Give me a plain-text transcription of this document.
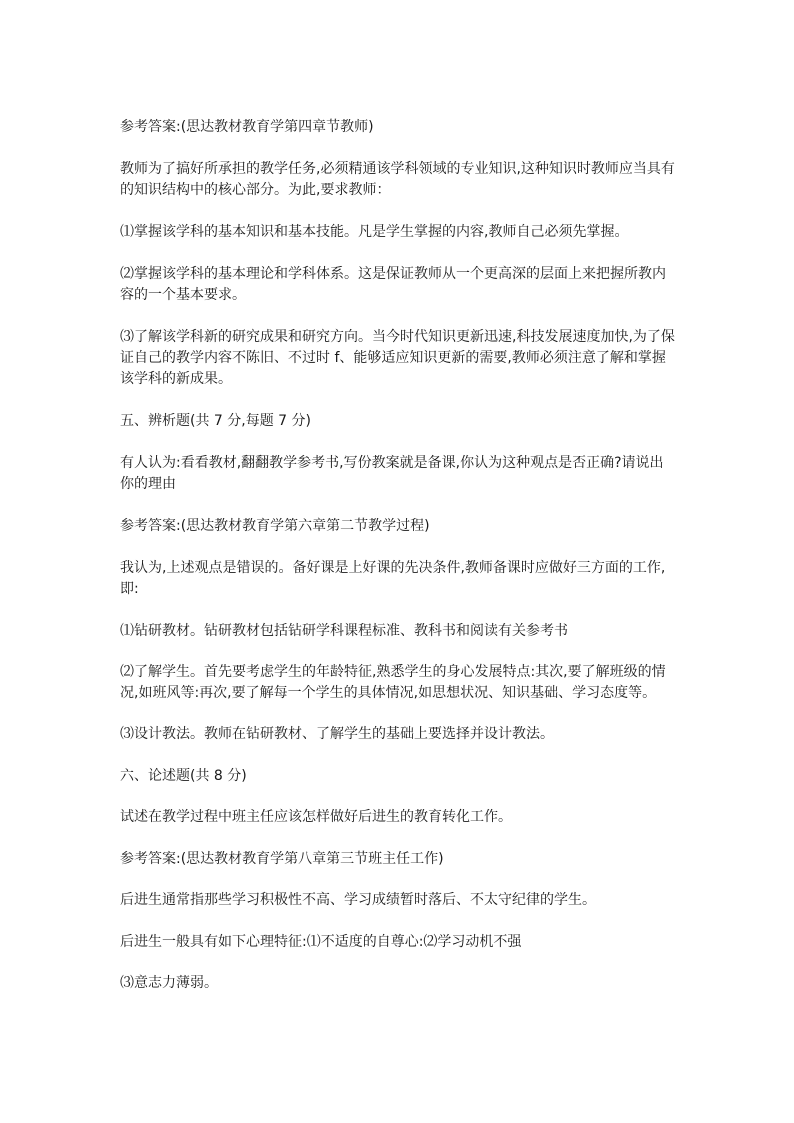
参考答案:(思达教材教育学第四章节教师)

教师为了搞好所承担的教学任务,必须精通该学科领域的专业知识,这种知识时教师应当具有的知识结构中的核心部分。为此,要求教师：

⑴掌握该学科的基本知识和基本技能。凡是学生掌握的内容,教师自己必须先掌握。

⑵掌握该学科的基本理论和学科体系。这是保证教师从一个更高深的层面上来把握所教内容的一个基本要求。

⑶了解该学科新的研究成果和研究方向。当今时代知识更新迅速,科技发展速度加快,为了保证自己的教学内容不陈旧、不过时 f、能够适应知识更新的需要,教师必须注意了解和掌握该学科的新成果。

五、辨析题(共 7 分,每题 7 分)

有人认为:看看教材,翻翻教学参考书,写份教案就是备课,你认为这种观点是否正确?请说出你的理由

参考答案:(思达教材教育学第六章第二节教学过程)

我认为,上述观点是错误的。备好课是上好课的先决条件,教师备课时应做好三方面的工作,即:

⑴钻研教材。钻研教材包括钻研学科课程标准、教科书和阅读有关参考书

⑵了解学生。首先要考虑学生的年龄特征,熟悉学生的身心发展特点:其次,要了解班级的情况,如班风等:再次,要了解每一个学生的具体情况,如思想状况、知识基础、学习态度等。

⑶设计教法。教师在钻研教材、了解学生的基础上要选择并设计教法。

六、论述题(共 8 分)

试述在教学过程中班主任应该怎样做好后进生的教育转化工作。

参考答案:(思达教材教育学第八章第三节班主任工作)

后进生通常指那些学习积极性不高、学习成绩暂时落后、不太守纪律的学生。

后进生一般具有如下心理特征:⑴不适度的自尊心:⑵学习动机不强

⑶意志力薄弱。
